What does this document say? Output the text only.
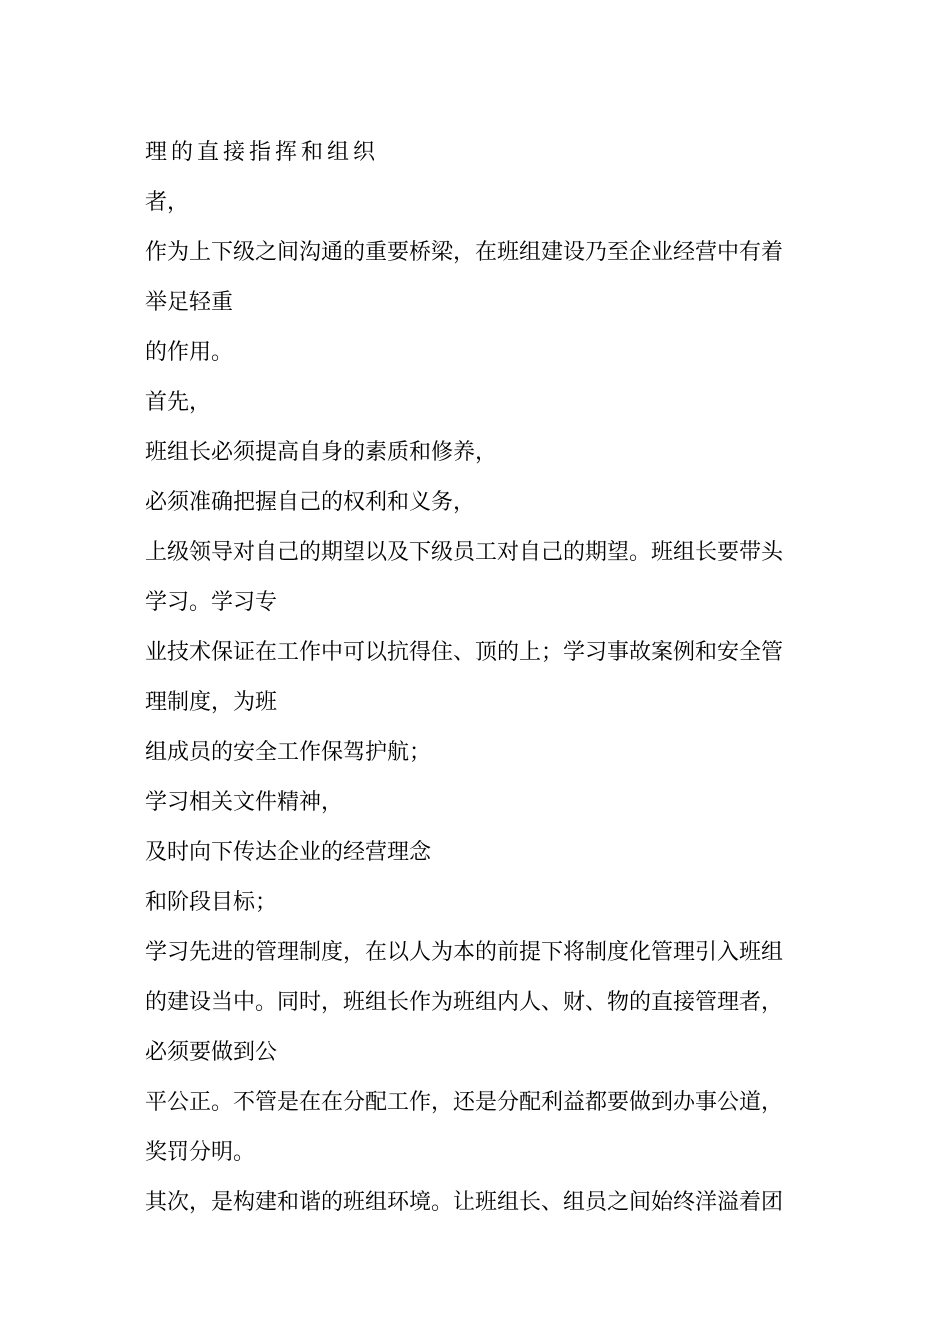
理的直接指挥和组织
者，
作为上下级之间沟通的重要桥梁，在班组建设乃至企业经营中有着
举足轻重
的作用。
首先，
班组长必须提高自身的素质和修养，
必须准确把握自己的权利和义务，
上级领导对自己的期望以及下级员工对自己的期望。班组长要带头
学习。学习专
业技术保证在工作中可以抗得住、顶的上；学习事故案例和安全管
理制度，为班
组成员的安全工作保驾护航；
学习相关文件精神，
及时向下传达企业的经营理念
和阶段目标；
学习先进的管理制度，在以人为本的前提下将制度化管理引入班组
的建设当中。同时，班组长作为班组内人、财、物的直接管理者，
必须要做到公
平公正。不管是在在分配工作，还是分配利益都要做到办事公道，
奖罚分明。
其次，是构建和谐的班组环境。让班组长、组员之间始终洋溢着团
